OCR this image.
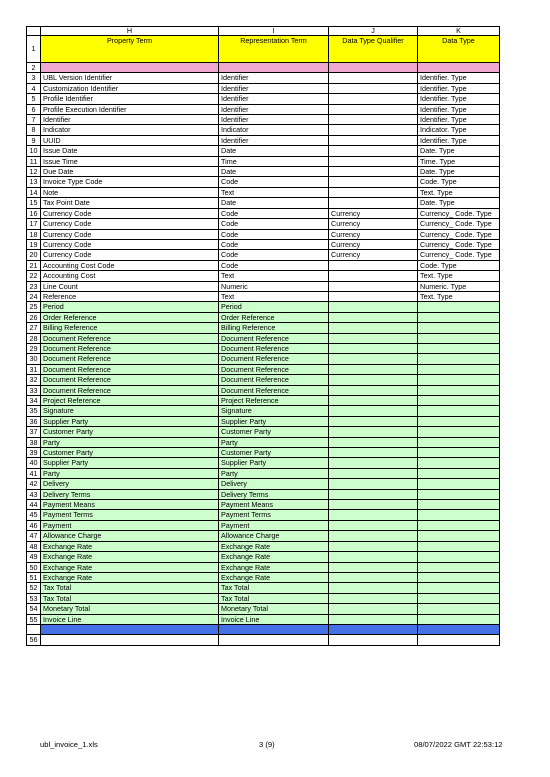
	H	I	J	K
1	Property Term	Representation Term	Data Type Qualifier	Data Type
2				
3	UBL Version Identifier	Identifier		Identifier. Type
4	Customization Identifier	Identifier		Identifier. Type
5	Profile Identifier	Identifier		Identifier. Type
6	Profile Execution Identifier	Identifier		Identifier. Type
7	Identifier	Identifier		Identifier. Type
8	Indicator	Indicator		Indicator. Type
9	UUID	Identifier		Identifier. Type
10	Issue Date	Date		Date. Type
11	Issue Time	Time		Time. Type
12	Due Date	Date		Date. Type
13	Invoice Type Code	Code		Code. Type
14	Note	Text		Text. Type
15	Tax Point Date	Date		Date. Type
16	Currency Code	Code	Currency	Currency_ Code. Type
17	Currency Code	Code	Currency	Currency_ Code. Type
18	Currency Code	Code	Currency	Currency_ Code. Type
19	Currency Code	Code	Currency	Currency_ Code. Type
20	Currency Code	Code	Currency	Currency_ Code. Type
21	Accounting Cost Code	Code		Code. Type
22	Accounting Cost	Text		Text. Type
23	Line Count	Numeric		Numeric. Type
24	Reference	Text		Text. Type
25	Period	Period		
26	Order Reference	Order Reference		
27	Billing Reference	Billing Reference		
28	Document Reference	Document Reference		
29	Document Reference	Document Reference		
30	Document Reference	Document Reference		
31	Document Reference	Document Reference		
32	Document Reference	Document Reference		
33	Document Reference	Document Reference		
34	Project Reference	Project Reference		
35	Signature	Signature		
36	Supplier Party	Supplier Party		
37	Customer Party	Customer Party		
38	Party	Party		
39	Customer Party	Customer Party		
40	Supplier Party	Supplier Party		
41	Party	Party		
42	Delivery	Delivery		
43	Delivery Terms	Delivery Terms		
44	Payment Means	Payment Means		
45	Payment Terms	Payment Terms		
46	Payment	Payment		
47	Allowance Charge	Allowance Charge		
48	Exchange Rate	Exchange Rate		
49	Exchange Rate	Exchange Rate		
50	Exchange Rate	Exchange Rate		
51	Exchange Rate	Exchange Rate		
52	Tax Total	Tax Total		
53	Tax Total	Tax Total		
54	Monetary Total	Monetary Total		
55	Invoice Line	Invoice Line		

56				
ubl_invoice_1.xls	3 (9)	08/07/2022 GMT 22:53:12
